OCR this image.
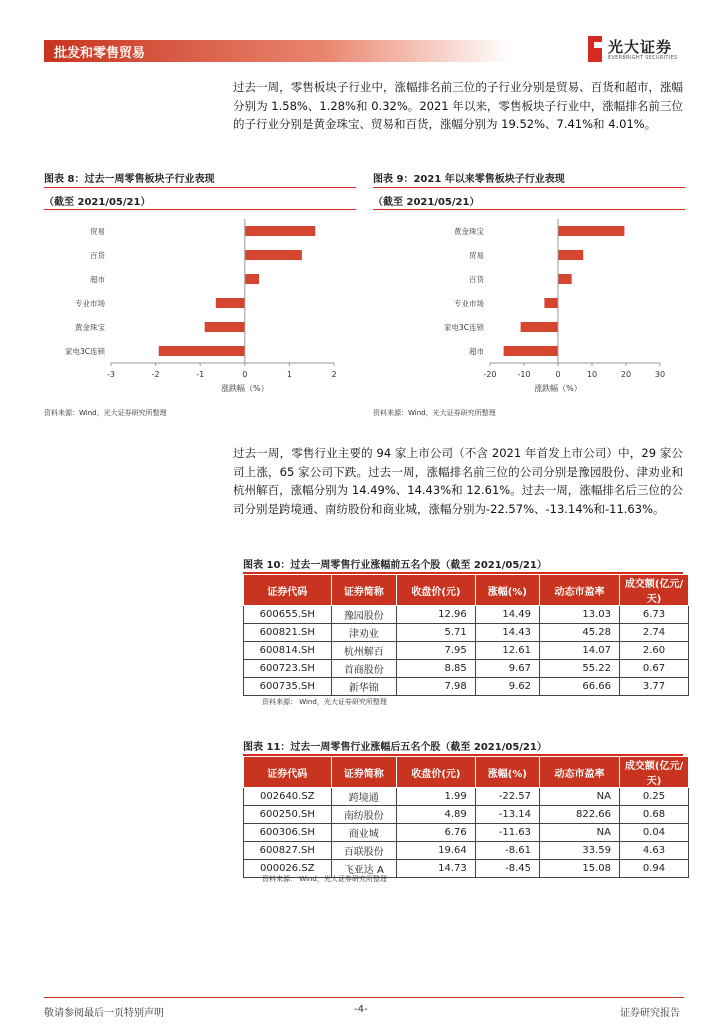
批发和零售贸易	光大证券
EVERBRIGHT SECURITIES
过去一周，零售板块子行业中，涨幅排名前三位的子行业分别是贸易、百货和超市，涨幅分别为 1.58%、1.28%和 0.32%。2021 年以来，零售板块子行业中，涨幅排名前三位的子行业分别是黄金珠宝、贸易和百货，涨幅分别为 19.52%、7.41%和 4.01%。
图表 8：过去一周零售板块子行业表现
（截至 2021/05/21）
贸易
百货
超市
专业市场
黄金珠宝
家电3C连锁
-3	-2	-1	0	1	2
涨跌幅（%）
资料来源：Wind，光大证券研究所整理
图表 9：2021 年以来零售板块子行业表现
（截至 2021/05/21）
黄金珠宝
贸易
百货
专业市场
家电3C连锁
超市
-20	-10	0	10	20	30
涨跌幅（%）
资料来源：Wind，光大证券研究所整理
过去一周，零售行业主要的 94 家上市公司（不含 2021 年首发上市公司）中，29 家公司上涨，65 家公司下跌。过去一周，涨幅排名前三位的公司分别是豫园股份、津劝业和杭州解百，涨幅分别为 14.49%、14.43%和 12.61%。过去一周，涨幅排名后三位的公司分别是跨境通、南纺股份和商业城，涨幅分别为-22.57%、-13.14%和-11.63%。
图表 10：过去一周零售行业涨幅前五名个股（截至 2021/05/21）
证券代码	证券简称	收盘价(元)	涨幅(%)	动态市盈率	成交额(亿元/天)
600655.SH	豫园股份	12.96	14.49	13.03	6.73
600821.SH	津劝业	5.71	14.43	45.28	2.74
600814.SH	杭州解百	7.95	12.61	14.07	2.60
600723.SH	首商股份	8.85	9.67	55.22	0.67
600735.SH	新华锦	7.98	9.62	66.66	3.77
资料来源： Wind，光大证券研究所整理
图表 11：过去一周零售行业涨幅后五名个股（截至 2021/05/21）
证券代码	证券简称	收盘价(元)	涨幅(%)	动态市盈率	成交额(亿元/天)
002640.SZ	跨境通	1.99	-22.57	NA	0.25
600250.SH	南纺股份	4.89	-13.14	822.66	0.68
600306.SH	商业城	6.76	-11.63	NA	0.04
600827.SH	百联股份	19.64	-8.61	33.59	4.63
000026.SZ	飞亚达 A	14.73	-8.45	15.08	0.94
资料来源： Wind，光大证券研究所整理
敬请参阅最后一页特别声明	-4-	证券研究报告
